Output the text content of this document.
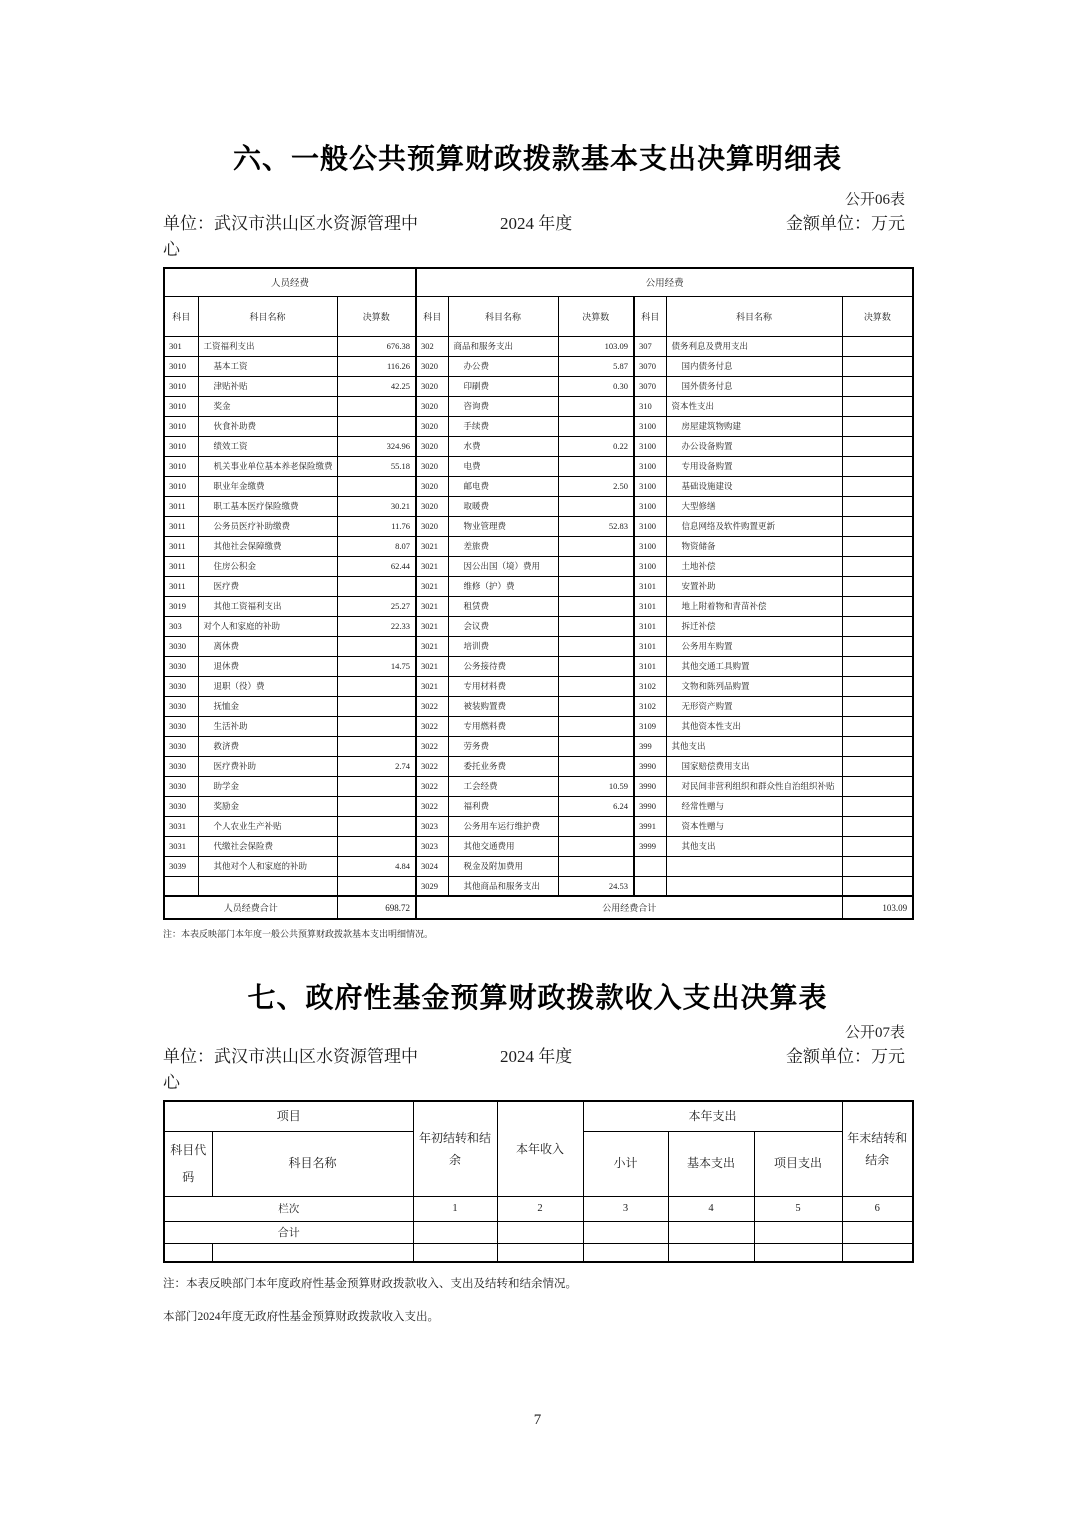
六、一般公共预算财政拨款基本支出决算明细表
公开06表
单位：武汉市洪山区水资源管理中心
2024 年度	金额单位：万元
人员经费			公用经费					
科目	科目名称	决算数	科目	科目名称	决算数	科目	科目名称	决算数
301	工资福利支出	676.38	302	商品和服务支出	103.09	307	债务利息及费用支出	
3010	基本工资	116.26	3020	办公费	5.87	3070	国内债务付息	
3010	津贴补贴	42.25	3020	印刷费	0.30	3070	国外债务付息	
3010	奖金		3020	咨询费		310	资本性支出	
3010	伙食补助费		3020	手续费		3100	房屋建筑物购建	
3010	绩效工资	324.96	3020	水费	0.22	3100	办公设备购置	
3010	机关事业单位基本养老保险缴费	55.18	3020	电费		3100	专用设备购置	
3010	职业年金缴费		3020	邮电费	2.50	3100	基础设施建设	
3011	职工基本医疗保险缴费	30.21	3020	取暖费		3100	大型修缮	
3011	公务员医疗补助缴费	11.76	3020	物业管理费	52.83	3100	信息网络及软件购置更新	
3011	其他社会保障缴费	8.07	3021	差旅费		3100	物资储备	
3011	住房公积金	62.44	3021	因公出国（境）费用		3100	土地补偿	
3011	医疗费		3021	维修（护）费		3101	安置补助	
3019	其他工资福利支出	25.27	3021	租赁费		3101	地上附着物和青苗补偿	
303	对个人和家庭的补助	22.33	3021	会议费		3101	拆迁补偿	
3030	离休费		3021	培训费		3101	公务用车购置	
3030	退休费	14.75	3021	公务接待费		3101	其他交通工具购置	
3030	退职（役）费		3021	专用材料费		3102	文物和陈列品购置	
3030	抚恤金		3022	被装购置费		3102	无形资产购置	
3030	生活补助		3022	专用燃料费		3109	其他资本性支出	
3030	救济费		3022	劳务费		399	其他支出	
3030	医疗费补助	2.74	3022	委托业务费		3990	国家赔偿费用支出	
3030	助学金		3022	工会经费	10.59	3990	对民间非营利组织和群众性自治组织补贴	
3030	奖励金		3022	福利费	6.24	3990	经常性赠与	
3031	个人农业生产补贴		3023	公务用车运行维护费		3991	资本性赠与	
3031	代缴社会保险费		3023	其他交通费用		3999	其他支出	
3039	其他对个人和家庭的补助	4.84	3024	税金及附加费用				
			3029	其他商品和服务支出	24.53			
人员经费合计		698.72	公用经费合计					103.09
注：本表反映部门本年度一般公共预算财政拨款基本支出明细情况。
七、政府性基金预算财政拨款收入支出决算表
公开07表
单位：武汉市洪山区水资源管理中心
2024 年度	金额单位：万元
项目		年初结转和结余	本年收入	本年支出			年末结转和结余
科目代码	科目名称			小计	基本支出	项目支出	
栏次		1	2	3	4	5	6
合计							

注：本表反映部门本年度政府性基金预算财政拨款收入、支出及结转和结余情况。
本部门2024年度无政府性基金预算财政拨款收入支出。
7
